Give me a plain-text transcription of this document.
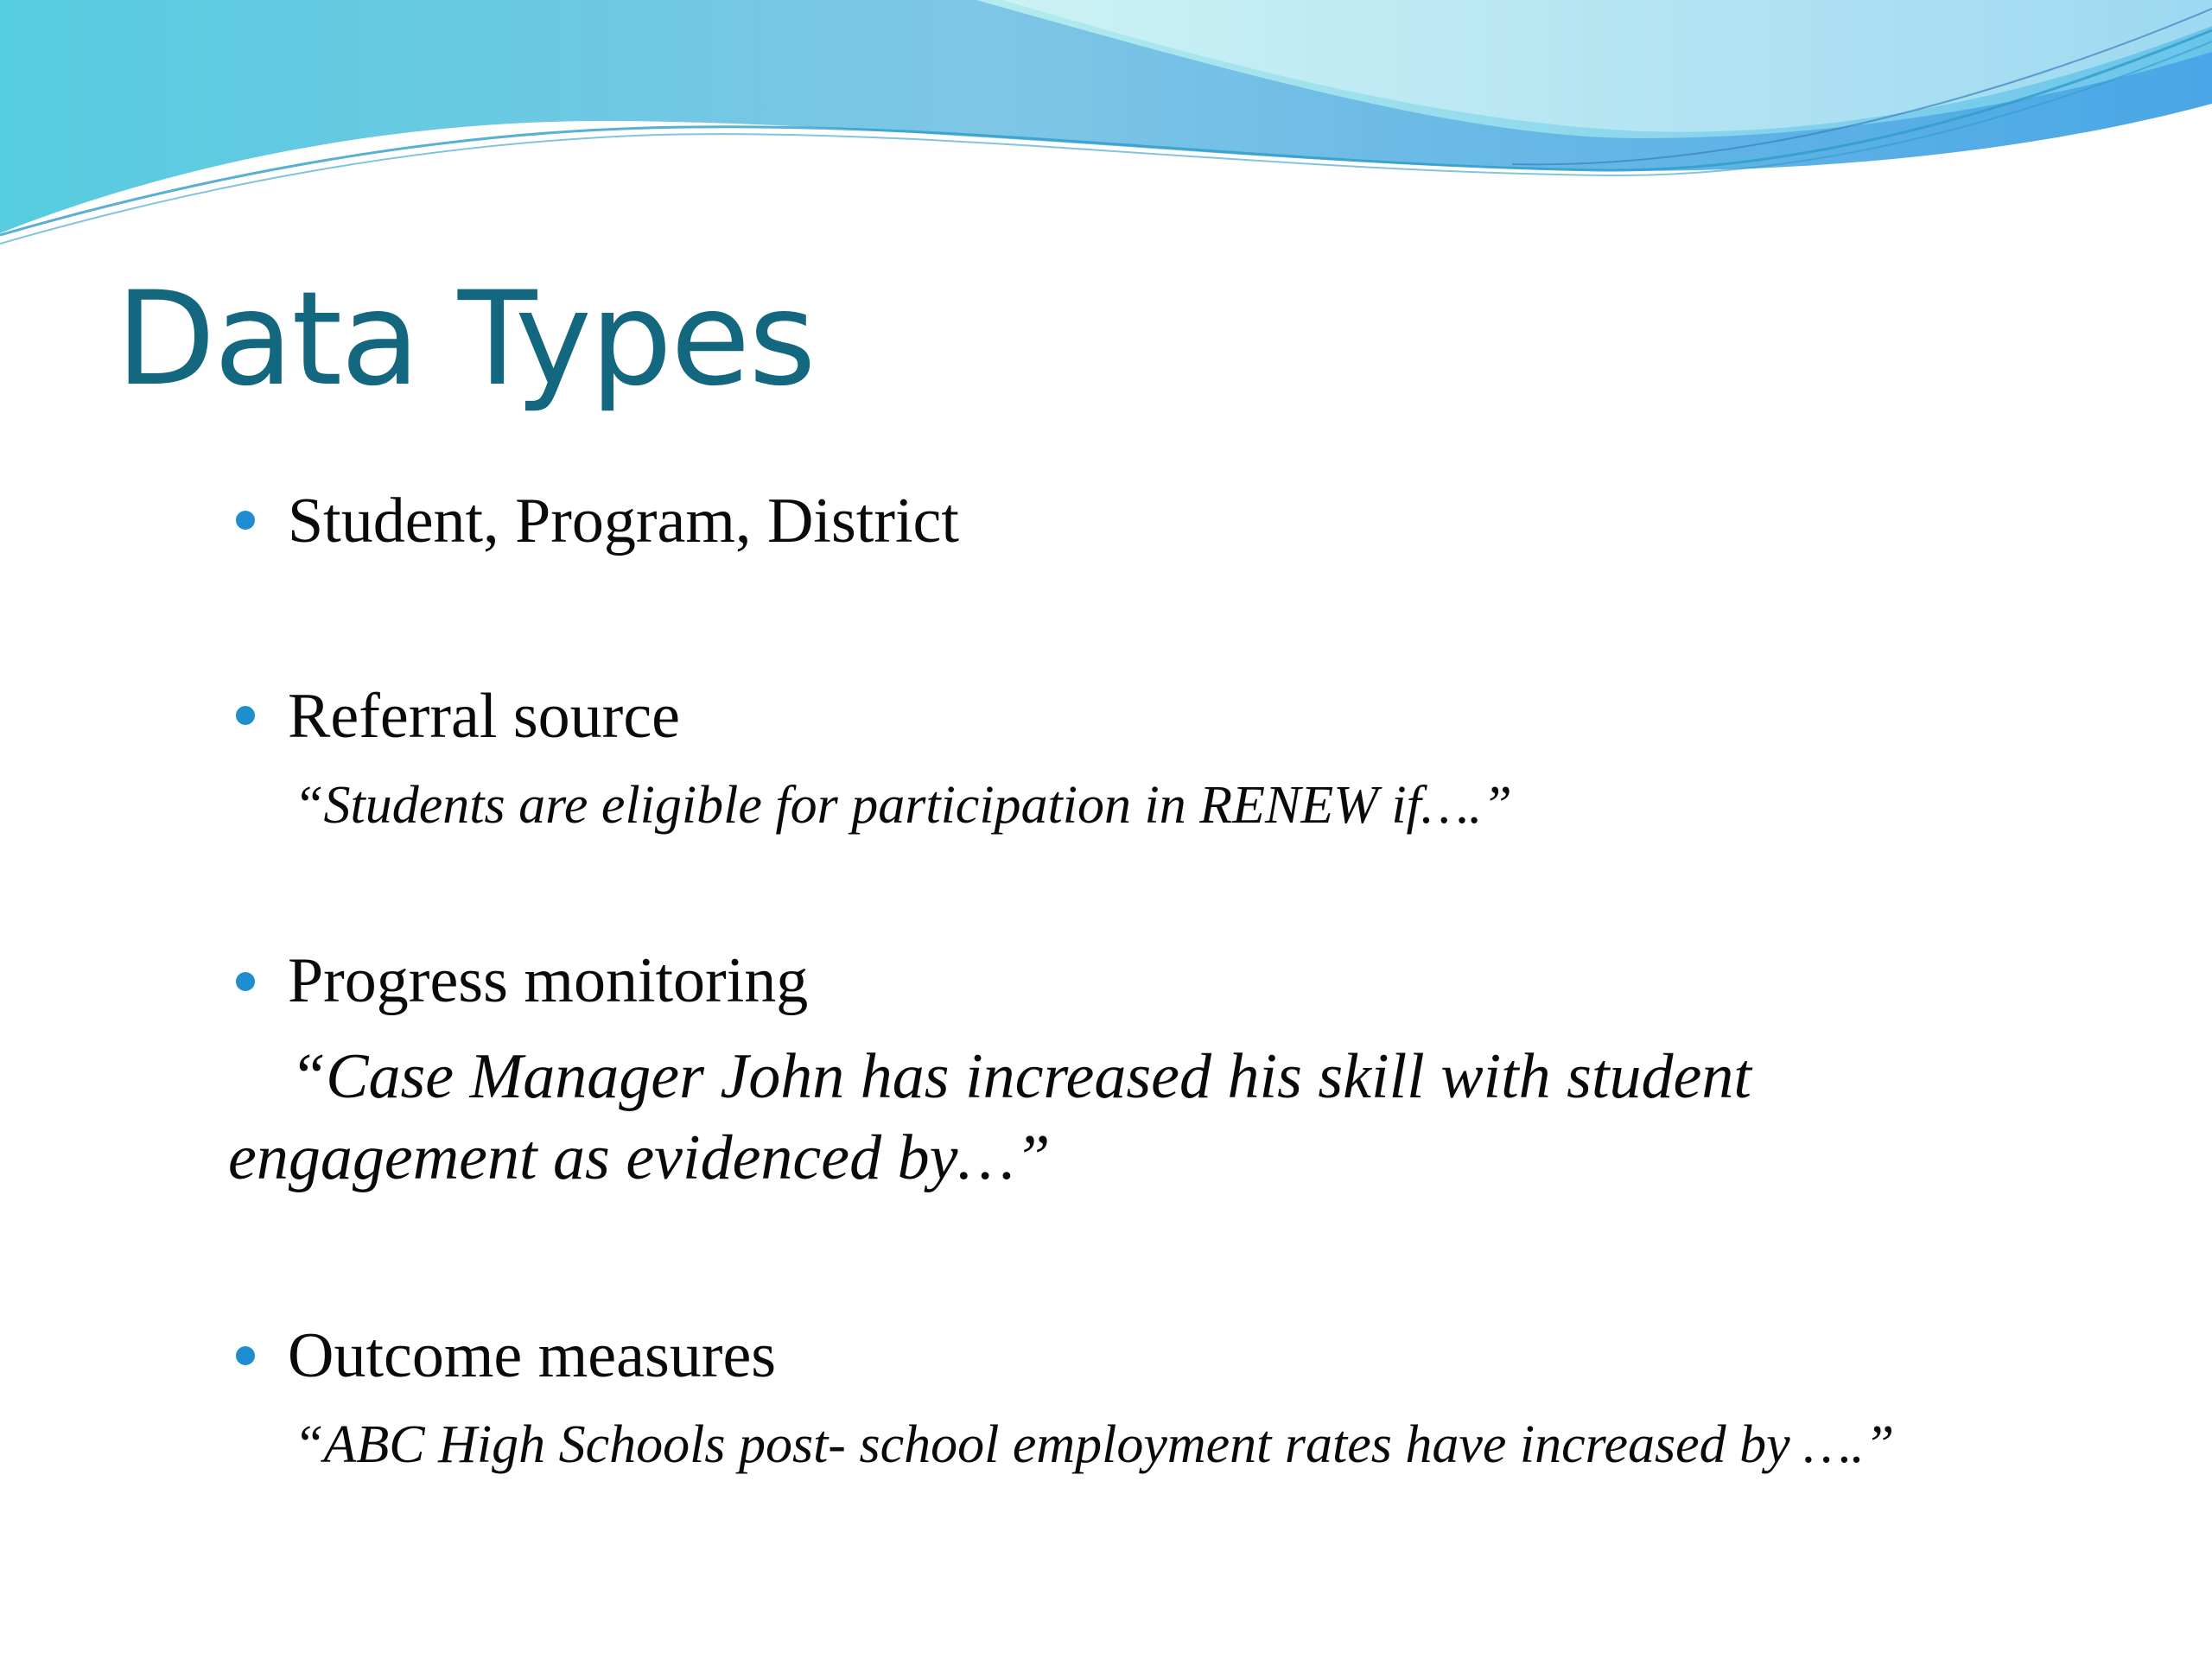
Data Types
Student, Program, District
Referral source
“Students are eligible for participation in RENEW if….”
Progress monitoring
“Case Manager John has increased his skill with student
engagement as evidenced by…”
Outcome measures
“ABC High Schools post- school employment rates have increased by ….”
